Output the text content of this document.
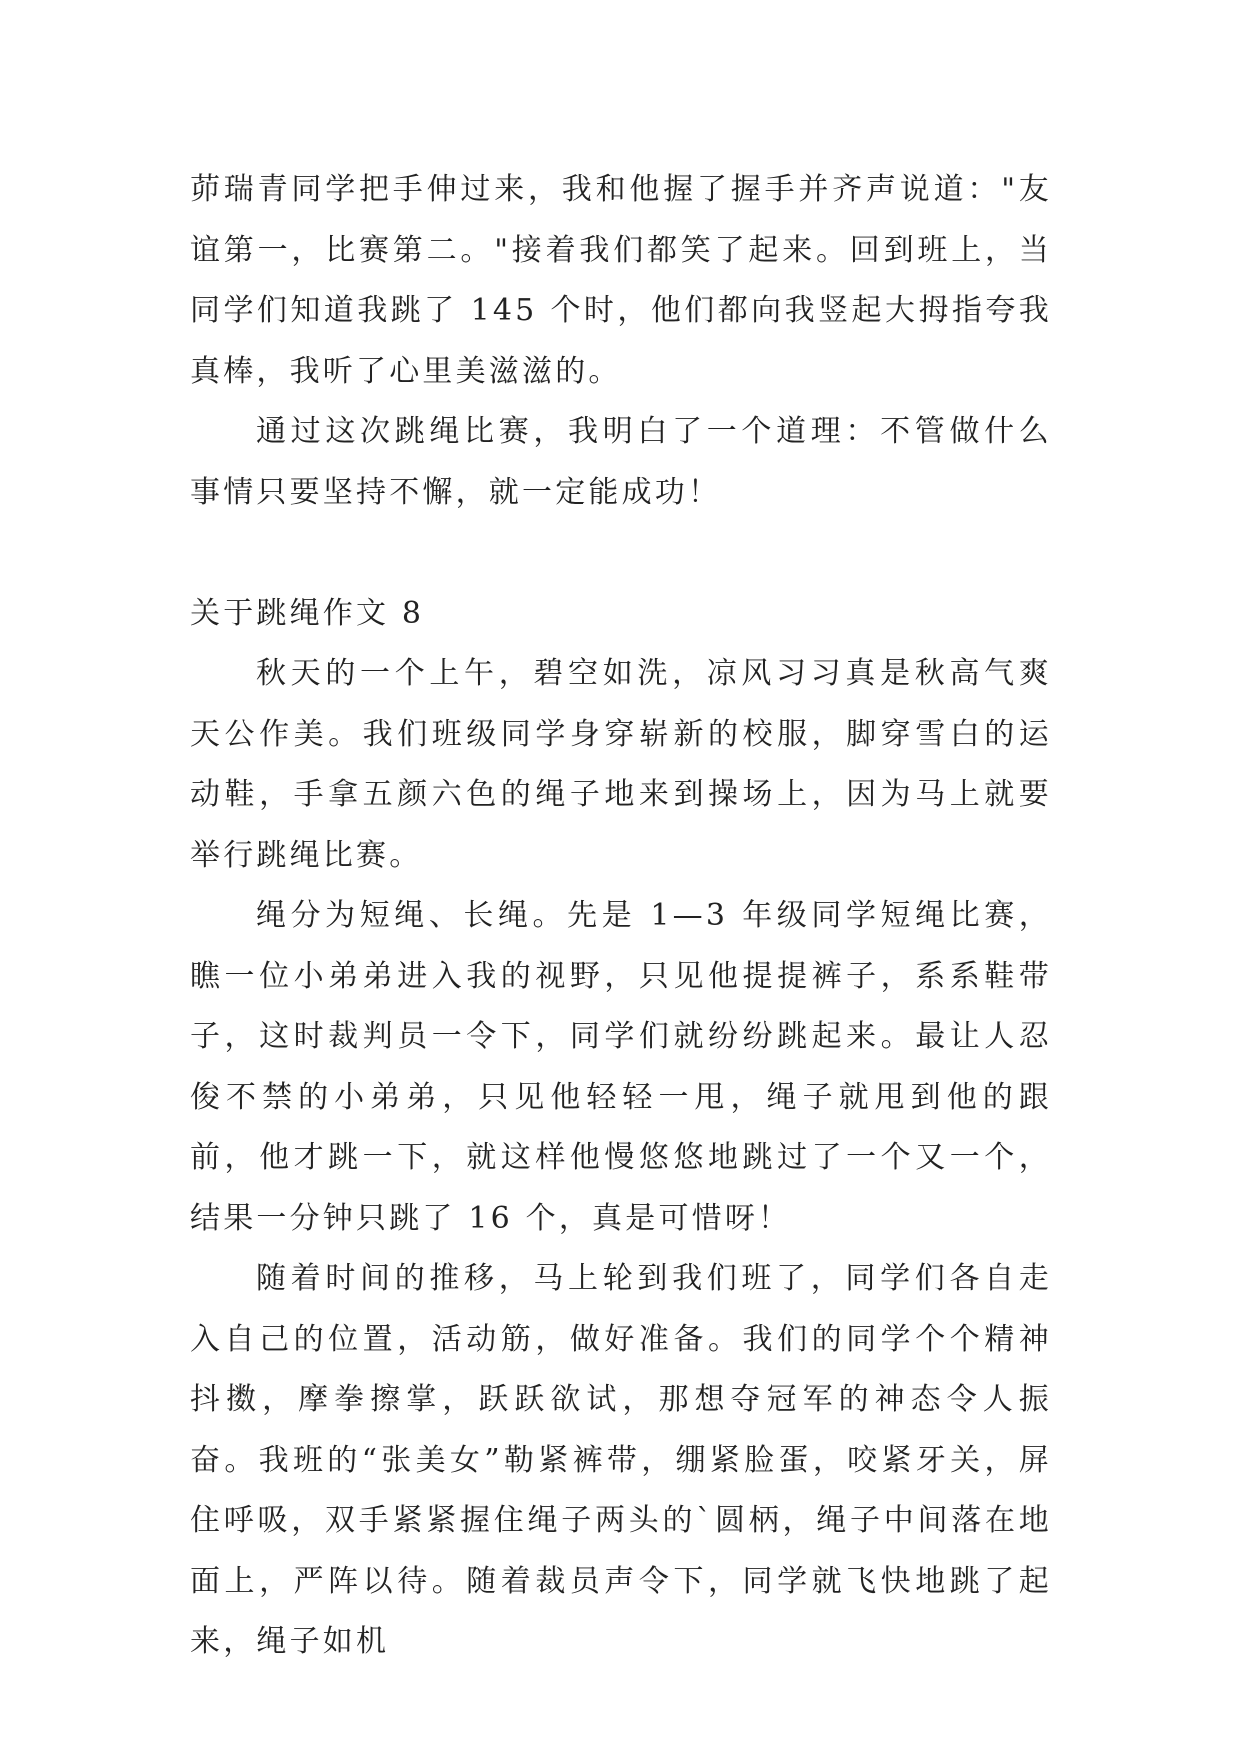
茆瑞青同学把手伸过来，我和他握了握手并齐声说道："友谊第一，比赛第二。"接着我们都笑了起来。回到班上，当同学们知道我跳了 145 个时，他们都向我竖起大拇指夸我真棒，我听了心里美滋滋的。

通过这次跳绳比赛，我明白了一个道理：不管做什么事情只要坚持不懈，就一定能成功！

关于跳绳作文 8

秋天的一个上午，碧空如洗，凉风习习真是秋高气爽天公作美。我们班级同学身穿崭新的校服，脚穿雪白的运动鞋，手拿五颜六色的绳子地来到操场上，因为马上就要举行跳绳比赛。

绳分为短绳、长绳。先是 1—3 年级同学短绳比赛，瞧一位小弟弟进入我的视野，只见他提提裤子，系系鞋带子，这时裁判员一令下，同学们就纷纷跳起来。最让人忍俊不禁的小弟弟，只见他轻轻一甩，绳子就甩到他的跟前，他才跳一下，就这样他慢悠悠地跳过了一个又一个，结果一分钟只跳了 16 个，真是可惜呀！

随着时间的推移，马上轮到我们班了，同学们各自走入自己的位置，活动筋，做好准备。我们的同学个个精神抖擞，摩拳擦掌，跃跃欲试，那想夺冠军的神态令人振奋。我班的“张美女”勒紧裤带，绷紧脸蛋，咬紧牙关，屏住呼吸，双手紧紧握住绳子两头的`圆柄，绳子中间落在地面上，严阵以待。随着裁员声令下，同学就飞快地跳了起来，绳子如机
